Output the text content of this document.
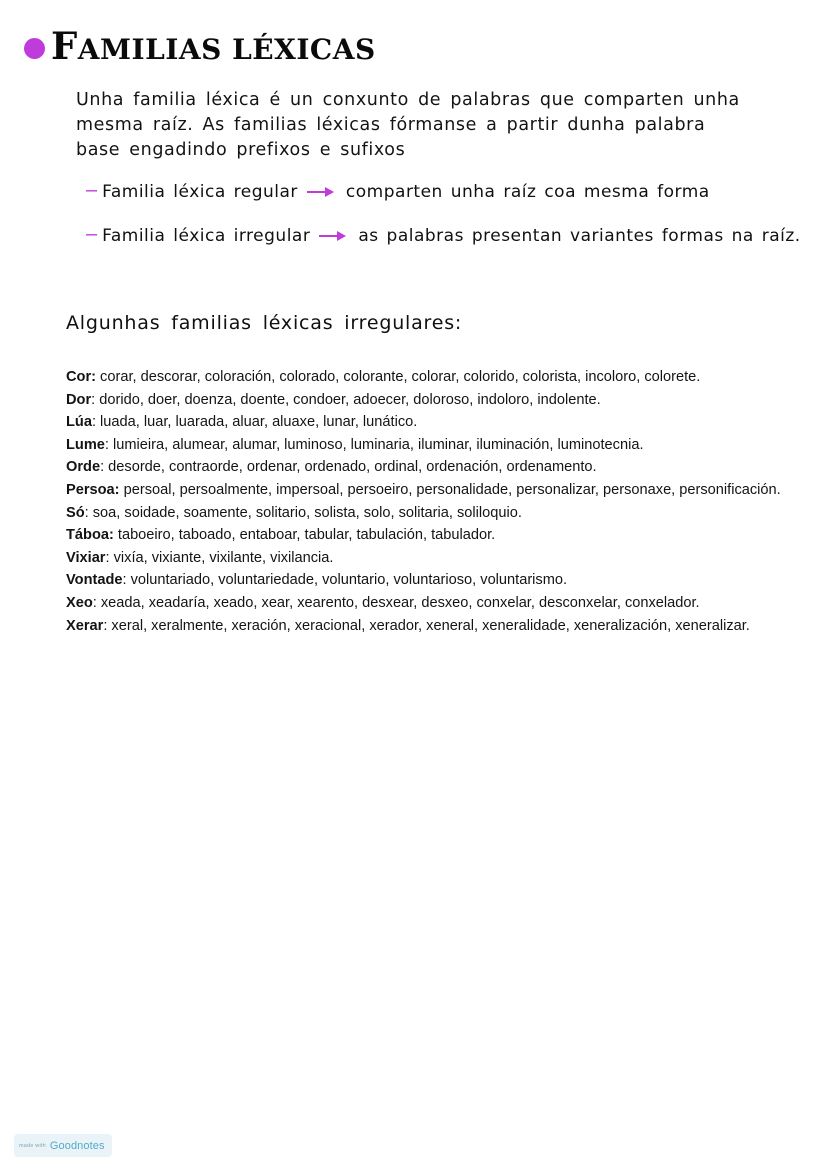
FAMILIAS LÉXICAS
Unha familia léxica é un conxunto de palabras que comparten unha mesma raíz. As familias léxicas fórmanse a partir dunha palabra base engadindo prefixos e sufixos
– Familia léxica regular	comparten unha raíz coa mesma forma
– Familia léxica irregular	as palabras presentan variantes formas na raíz.
Algunhas familias léxicas irregulares:
Cor: corar, descorar, coloración, colorado, colorante, colorar, colorido, colorista, incoloro, colorete.
Dor: dorido, doer, doenza, doente, condoer, adoecer, doloroso, indoloro, indolente.
Lúa: luada, luar, luarada, aluar, aluaxe, lunar, lunático.
Lume: lumieira, alumear, alumar, luminoso, luminaria, iluminar, iluminación, luminotecnia.
Orde: desorde, contraorde, ordenar, ordenado, ordinal, ordenación, ordenamento.
Persoa: persoal, persoalmente, impersoal, persoeiro, personalidade, personalizar, personaxe, personificación.
Só: soa, soidade, soamente, solitario, solista, solo, solitaria, soliloquio.
Táboa: taboeiro, taboado, entaboar, tabular, tabulación, tabulador.
Vixiar: vixía, vixiante, vixilante, vixilancia.
Vontade: voluntariado, voluntariedade, voluntario, voluntarioso, voluntarismo.
Xeo: xeada, xeadaría, xeado, xear, xearento, desxear, desxeo, conxelar, desconxelar, conxelador.
Xerar: xeral, xeralmente, xeración, xeracional, xerador, xeneral, xeneralidade, xeneralización, xeneralizar.
made with Goodnotes
